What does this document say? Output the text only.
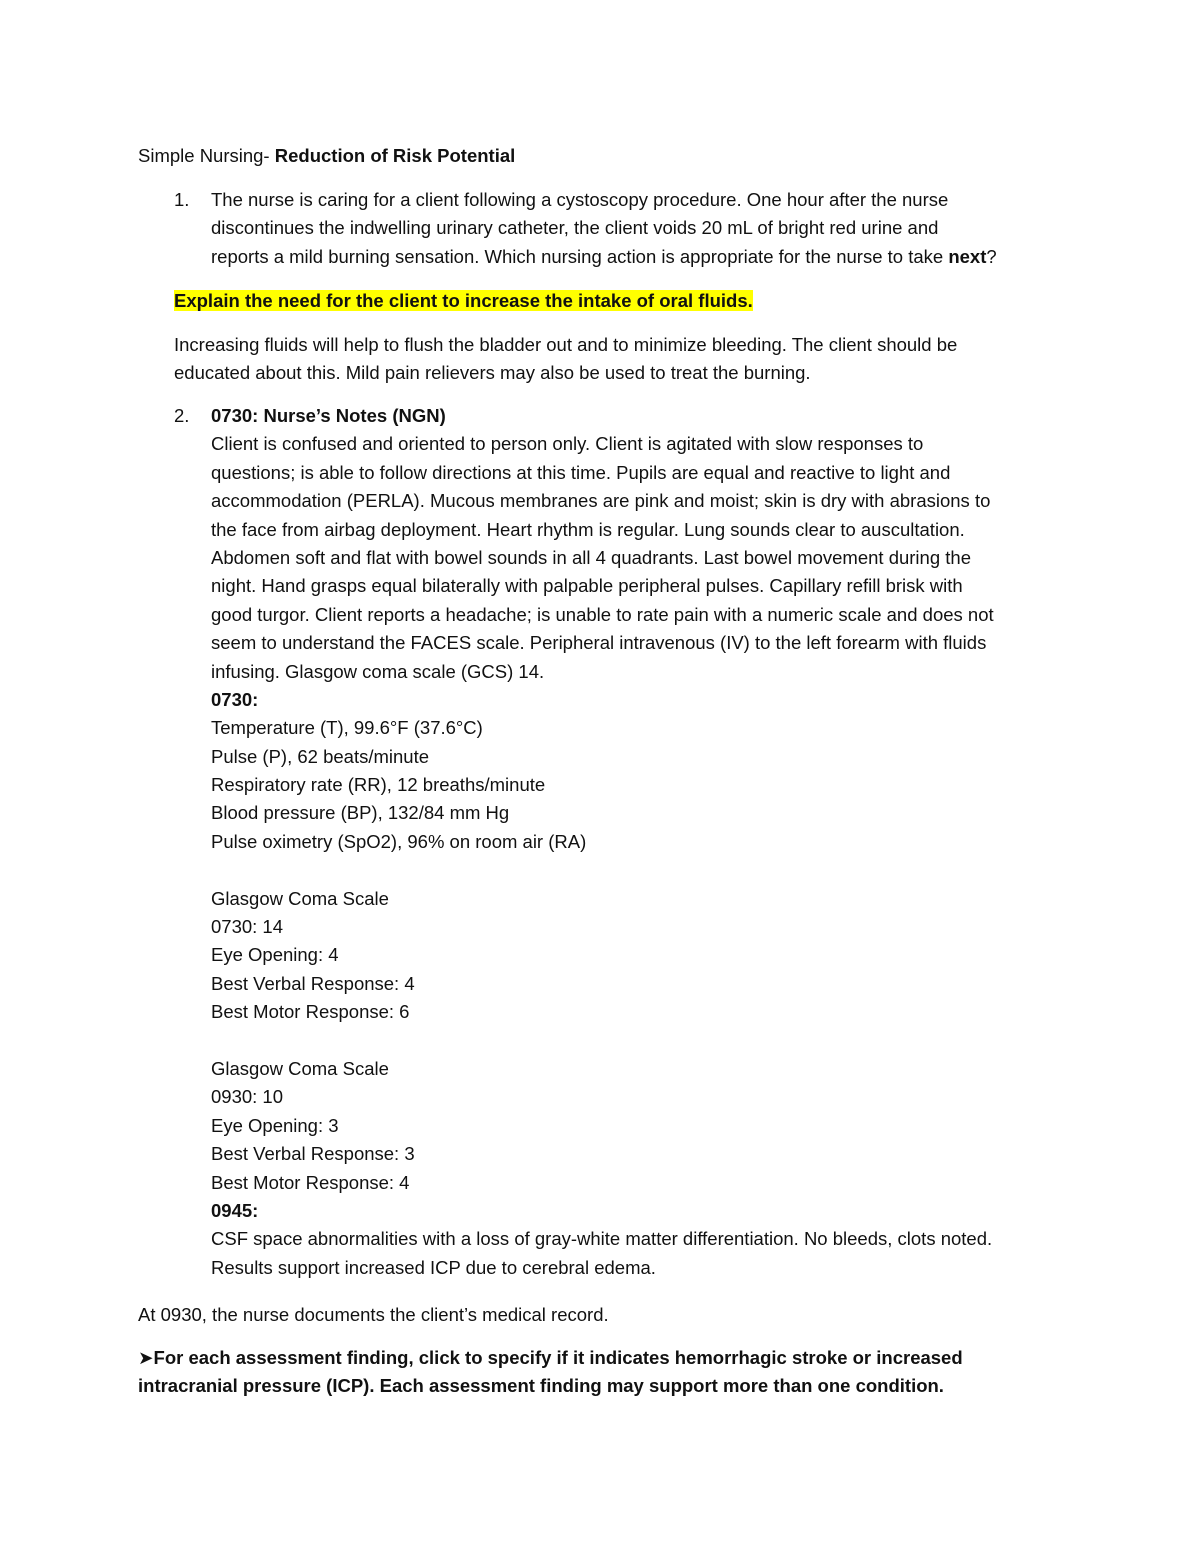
Simple Nursing- Reduction of Risk Potential

1. The nurse is caring for a client following a cystoscopy procedure. One hour after the nurse
discontinues the indwelling urinary catheter, the client voids 20 mL of bright red urine and
reports a mild burning sensation. Which nursing action is appropriate for the nurse to take next?

Explain the need for the client to increase the intake of oral fluids.

Increasing fluids will help to flush the bladder out and to minimize bleeding. The client should be
educated about this. Mild pain relievers may also be used to treat the burning.

2. 0730: Nurse’s Notes (NGN)
Client is confused and oriented to person only. Client is agitated with slow responses to
questions; is able to follow directions at this time. Pupils are equal and reactive to light and
accommodation (PERLA). Mucous membranes are pink and moist; skin is dry with abrasions to
the face from airbag deployment. Heart rhythm is regular. Lung sounds clear to auscultation.
Abdomen soft and flat with bowel sounds in all 4 quadrants. Last bowel movement during the
night. Hand grasps equal bilaterally with palpable peripheral pulses. Capillary refill brisk with
good turgor. Client reports a headache; is unable to rate pain with a numeric scale and does not
seem to understand the FACES scale. Peripheral intravenous (IV) to the left forearm with fluids
infusing. Glasgow coma scale (GCS) 14.
0730:
Temperature (T), 99.6°F (37.6°C)
Pulse (P), 62 beats/minute
Respiratory rate (RR), 12 breaths/minute
Blood pressure (BP), 132/84 mm Hg
Pulse oximetry (SpO2), 96% on room air (RA)
Glasgow Coma Scale
0730: 14
Eye Opening: 4
Best Verbal Response: 4
Best Motor Response: 6
Glasgow Coma Scale
0930: 10
Eye Opening: 3
Best Verbal Response: 3
Best Motor Response: 4
0945:
CSF space abnormalities with a loss of gray-white matter differentiation. No bleeds, clots noted.
Results support increased ICP due to cerebral edema.

At 0930, the nurse documents the client’s medical record.

➤For each assessment finding, click to specify if it indicates hemorrhagic stroke or increased
intracranial pressure (ICP). Each assessment finding may support more than one condition.
